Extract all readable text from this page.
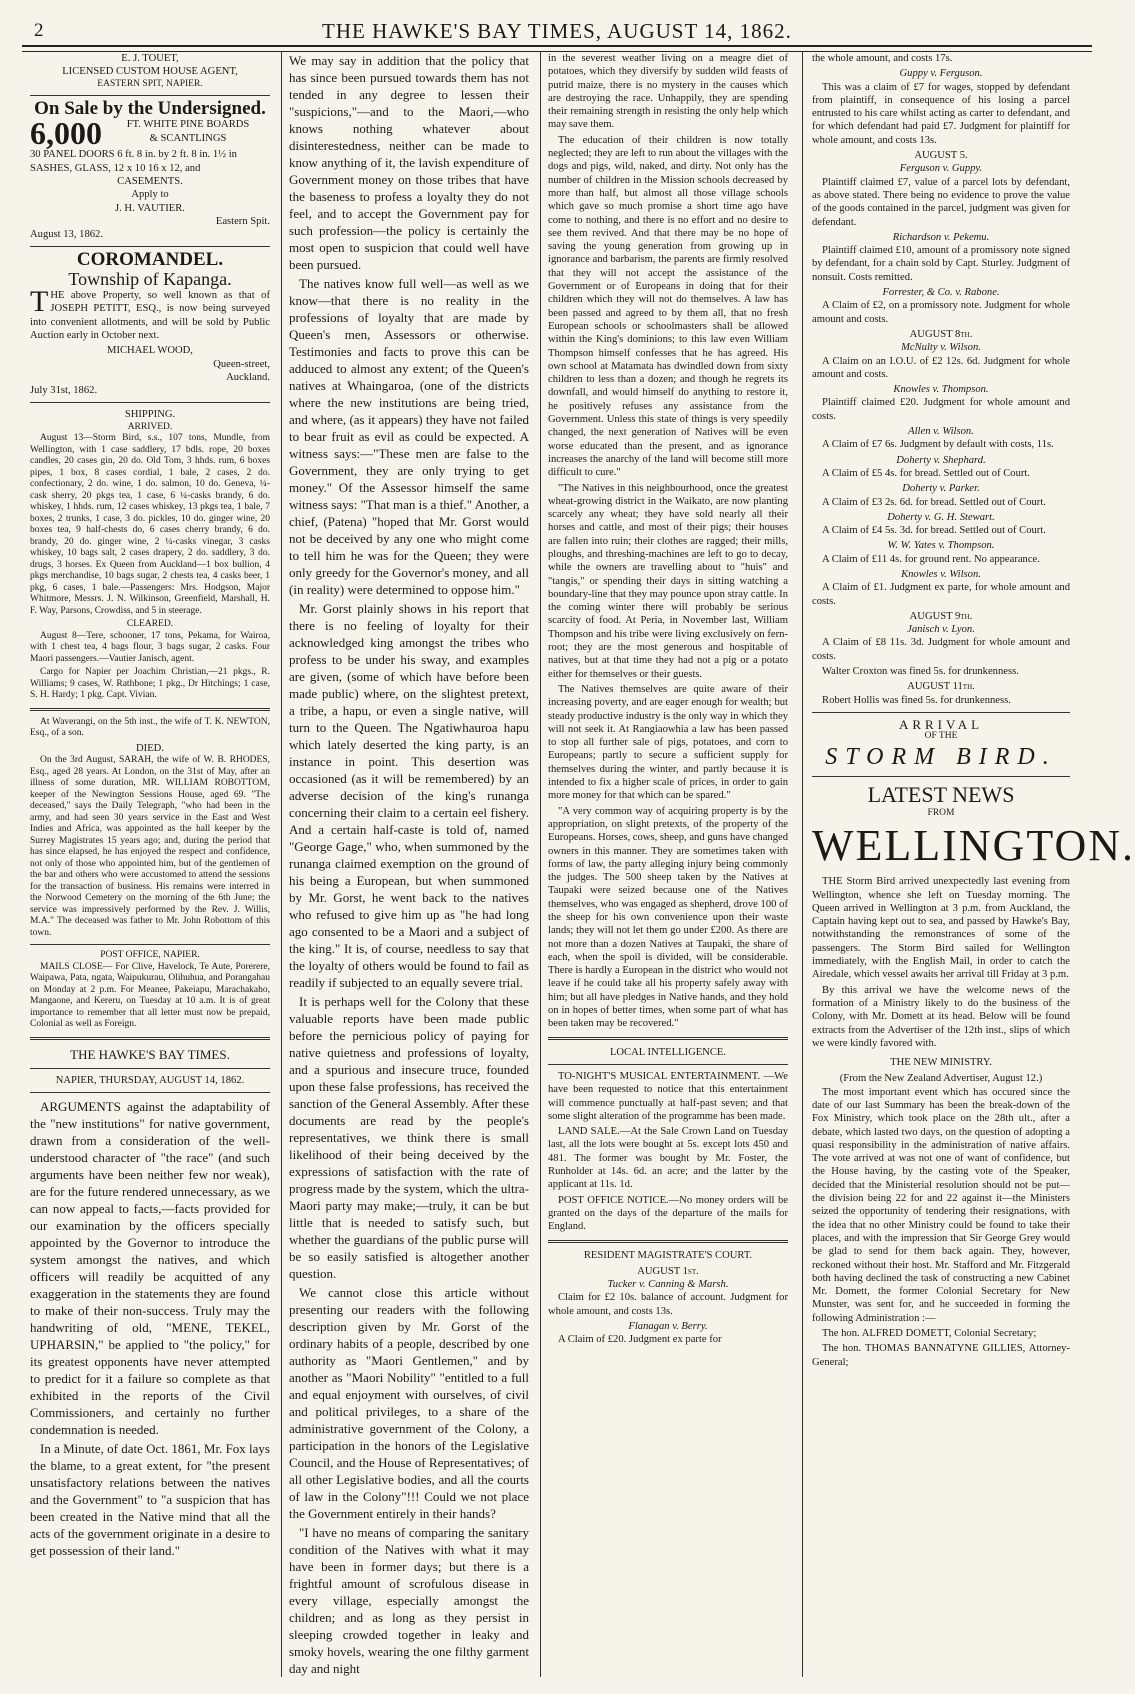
2	THE HAWKE'S BAY TIMES, AUGUST 14, 1862.
E. J. TOUET,
LICENSED CUSTOM HOUSE AGENT,
EASTERN SPIT, NAPIER.
On Sale by the Undersigned.
6,000	FT. WHITE PINE BOARDS
& SCANTLINGS
30 PANEL DOORS 6 ft. 8 in. by 2 ft. 8 in. 1½ in
SASHES, GLASS, 12 x 10 16 x 12, and
CASEMENTS.
Apply to
J. H. VAUTIER.
Eastern Spit.
August 13, 1862.
COROMANDEL.
Township of Kapanga.

THE above Property, so well known as that of JOSEPH PETITT, ESQ., is now being surveyed into convenient allotments, and will be sold by Public Auction early in October next.

MICHAEL WOOD,
Queen-street,
Auckland.
July 31st, 1862.
SHIPPING.
ARRIVED.

August 13—Storm Bird, s.s., 107 tons, Mundle, from Wellington, with 1 case saddlery, 17 bdls. rope, 20 boxes candles, 20 cases gin, 20 do. Old Tom, 3 hhds. rum, 6 boxes pipes, 1 box, 8 cases cordial, 1 bale, 2 cases, 2 do. confectionary, 2 do. wine, 1 do. salmon, 10 do. Geneva, ¼-cask sherry, 20 pkgs tea, 1 case, 6 ¼-casks brandy, 6 do. whiskey, 1 hhds. rum, 12 cases whiskey, 13 pkgs tea, 1 bale, 7 boxes, 2 trunks, 1 case, 3 do. pickles, 10 do. ginger wine, 20 boxes tea, 9 half-chests do, 6 cases cherry brandy, 6 do. brandy, 20 do. ginger wine, 2 ¼-casks vinegar, 3 casks whiskey, 10 bags salt, 2 cases drapery, 2 do. saddlery, 3 do. drugs, 3 horses. Ex Queen from Auckland—1 box bullion, 4 pkgs merchandise, 10 bags sugar, 2 chests tea, 4 casks beer, 1 pkg, 6 cases, 1 bale.—Passengers: Mrs. Hodgson, Major Whitmore, Messrs. J. N. Wilkinson, Greenfield, Marshall, H. F. Way, Parsons, Crowdiss, and 5 in steerage.

CLEARED.

August 8—Tere, schooner, 17 tons, Pekama, for Wairoa, with 1 chest tea, 4 bags flour, 3 bags sugar, 2 casks. Four Maori passengers.—Vautier Janisch, agent.

Cargo for Napier per Joachim Christian,—21 pkgs., R. Williams; 9 cases, W. Rathbone; 1 pkg., Dr Hitchings; 1 case, S. H. Hardy; 1 pkg. Capt. Vivian.

At Waverangi, on the 5th inst., the wife of T. K. NEWTON, Esq., of a son.

DIED.

On the 3rd August, SARAH, the wife of W. B. RHODES, Esq., aged 28 years. At London, on the 31st of May, after an illness of some duration, MR. WILLIAM ROBOTTOM, keeper of the Newington Sessions House, aged 69. "The deceased," says the Daily Telegraph, "who had been in the army, and had seen 30 years service in the East and West Indies and Africa, was appointed as the hall keeper by the Surrey Magistrates 15 years ago; and, during the period that has since elapsed, he has enjoyed the respect and confidence, not only of those who appointed him, but of the gentlemen of the bar and others who were accustomed to attend the sessions for the transaction of business. His remains were interred in the Norwood Cemetery on the morning of the 6th June; the service was impressively performed by the Rev. J. Willis, M.A." The deceased was father to Mr. John Robottom of this town.

POST OFFICE, NAPIER.

MAILS CLOSE— For Clive, Havelock, Te Aute, Porerere, Waipawa, Pata, ngata, Waipukurau, Olihuhua, and Porangahau on Monday at 2 p.m. For Meanee, Pakeiapu, Marachakaho, Mangaone, and Kereru, on Tuesday at 10 a.m. It is of great importance to remember that all letter must now be prepaid, Colonial as well as Foreign.

THE HAWKE'S BAY TIMES.
NAPIER, THURSDAY, AUGUST 14, 1862.

ARGUMENTS against the adaptability of the "new institutions" for native government, drawn from a consideration of the well-understood character of "the race" (and such arguments have been neither few nor weak), are for the future rendered unnecessary, as we can now appeal to facts,—facts provided for our examination by the officers specially appointed by the Governor to introduce the system amongst the natives, and which officers will readily be acquitted of any exaggeration in the statements they are found to make of their non-success. Truly may the handwriting of old, "MENE, TEKEL, UPHARSIN," be applied to "the policy," for its greatest opponents have never attempted to predict for it a failure so complete as that exhibited in the reports of the Civil Commissioners, and certainly no further condemnation is needed.

In a Minute, of date Oct. 1861, Mr. Fox lays the blame, to a great extent, for "the present unsatisfactory relations between the natives and the Government" to "a suspicion that has been created in the Native mind that all the acts of the government originate in a desire to get possession of their land."

We may say in addition that the policy that has since been pursued towards them has not tended in any degree to lessen their "suspicions,"—and to the Maori,—who knows nothing whatever about disinterestedness, neither can be made to know anything of it, the lavish expenditure of Government money on those tribes that have the baseness to profess a loyalty they do not feel, and to accept the Government pay for such profession—the policy is certainly the most open to suspicion that could well have been pursued.

The natives know full well—as well as we know—that there is no reality in the professions of loyalty that are made by Queen's men, Assessors or otherwise. Testimonies and facts to prove this can be adduced to almost any extent; of the Queen's natives at Whaingaroa, (one of the districts where the new institutions are being tried, and where, (as it appears) they have not failed to bear fruit as evil as could be expected. A witness says:—"These men are false to the Government, they are only trying to get money." Of the Assessor himself the same witness says: "That man is a thief." Another, a chief, (Patena) "hoped that Mr. Gorst would not be deceived by any one who might come to tell him he was for the Queen; they were only greedy for the Governor's money, and all (in reality) were determined to oppose him."

Mr. Gorst plainly shows in his report that there is no feeling of loyalty for their acknowledged king amongst the tribes who profess to be under his sway, and examples are given, (some of which have before been made public) where, on the slightest pretext, a tribe, a hapu, or even a single native, will turn to the Queen. The Ngatiwhauroa hapu which lately deserted the king party, is an instance in point. This desertion was occasioned (as it will be remembered) by an adverse decision of the king's runanga concerning their claim to a certain eel fishery. And a certain half-caste is told of, named "George Gage," who, when summoned by the runanga claimed exemption on the ground of his being a European, but when summoned by Mr. Gorst, he went back to the natives who refused to give him up as "he had long ago consented to be a Maori and a subject of the king." It is, of course, needless to say that the loyalty of others would be found to fail as readily if subjected to an equally severe trial.

It is perhaps well for the Colony that these valuable reports have been made public before the pernicious policy of paying for native quietness and professions of loyalty, and a spurious and insecure truce, founded upon these false professions, has received the sanction of the General Assembly. After these documents are read by the people's representatives, we think there is small likelihood of their being deceived by the expressions of satisfaction with the rate of progress made by the system, which the ultra-Maori party may make;—truly, it can be but little that is needed to satisfy such, but whether the guardians of the public purse will be so easily satisfied is altogether another question.

We cannot close this article without presenting our readers with the following description given by Mr. Gorst of the ordinary habits of a people, described by one authority as "Maori Gentlemen," and by another as "Maori Nobility" "entitled to a full and equal enjoyment with ourselves, of civil and political privileges, to a share of the administrative government of the Colony, a participation in the honors of the Legislative Council, and the House of Representatives; of all other Legislative bodies, and all the courts of law in the Colony"!!! Could we not place the Government entirely in their hands?

"I have no means of comparing the sanitary condition of the Natives with what it may have been in former days; but there is a frightful amount of scrofulous disease in every village, especially amongst the children; and as long as they persist in sleeping crowded together in leaky and smoky hovels, wearing the one filthy garment day and night

in the severest weather living on a meagre diet of potatoes, which they diversify by sudden wild feasts of putrid maize, there is no mystery in the causes which are destroying the race. Unhappily, they are spending their remaining strength in resisting the only help which may save them.

The education of their children is now totally neglected; they are left to run about the villages with the dogs and pigs, wild, naked, and dirty. Not only has the number of children in the Mission schools decreased by more than half, but almost all those village schools which gave so much promise a short time ago have come to nothing, and there is no effort and no desire to see them revived. And that there may be no hope of saving the young generation from growing up in ignorance and barbarism, the parents are firmly resolved that they will not accept the assistance of the Government or of Europeans in doing that for their children which they will not do themselves. A law has been passed and agreed to by them all, that no fresh European schools or schoolmasters shall be allowed within the King's dominions; to this law even William Thompson himself confesses that he has agreed. His own school at Matamata has dwindled down from sixty children to less than a dozen; and though he regrets its downfall, and would himself do anything to restore it, he positively refuses any assistance from the Government. Unless this state of things is very speedily changed, the next generation of Natives will be even worse educated than the present, and as ignorance increases the anarchy of the land will become still more difficult to cure."

"The Natives in this neighbourhood, once the greatest wheat-growing district in the Waikato, are now planting scarcely any wheat; they have sold nearly all their horses and cattle, and most of their pigs; their houses are fallen into ruin; their clothes are ragged; their mills, ploughs, and threshing-machines are left to go to decay, while the owners are travelling about to "huis" and "tangis," or spending their days in sitting watching a boundary-line that they may pounce upon stray cattle. In the coming winter there will probably be serious scarcity of food. At Peria, in November last, William Thompson and his tribe were living exclusively on fern-root; they are the most generous and hospitable of natives, but at that time they had not a pig or a potato either for themselves or their guests.

The Natives themselves are quite aware of their increasing poverty, and are eager enough for wealth; but steady productive industry is the only way in which they will not seek it. At Rangiaowhia a law has been passed to stop all further sale of pigs, potatoes, and corn to Europeans; partly to secure a sufficient supply for themselves during the winter, and partly because it is intended to fix a higher scale of prices, in order to gain more money for that which can be spared."

"A very common way of acquiring property is by the appropriation, on slight pretexts, of the property of the Europeans. Horses, cows, sheep, and guns have changed owners in this manner. They are sometimes taken with forms of law, the party alleging injury being commonly the judges. The 500 sheep taken by the Natives at Taupaki were seized because one of the Natives themselves, who was engaged as shepherd, drove 100 of the sheep for his own convenience upon their waste lands; they will not let them go under £200. As there are not more than a dozen Natives at Taupaki, the share of each, when the spoil is divided, will be considerable. There is hardly a European in the district who would not leave if he could take all his property safely away with him; but all have pledges in Native hands, and they hold on in hopes of better times, when some part of what has been taken may be recovered."

LOCAL INTELLIGENCE.

TO-NIGHT'S MUSICAL ENTERTAINMENT. —We have been requested to notice that this entertainment will commence punctually at half-past seven; and that some slight alteration of the programme has been made.

LAND SALE.—At the Sale Crown Land on Tuesday last, all the lots were bought at 5s. except lots 450 and 481. The former was bought by Mr. Foster, the Runholder at 14s. 6d. an acre; and the latter by the applicant at 11s. 1d.

POST OFFICE NOTICE.—No money orders will be granted on the days of the departure of the mails for England.

RESIDENT MAGISTRATE'S COURT.
AUGUST 1st.
Tucker v. Canning & Marsh.

Claim for £2 10s. balance of account. Judgment for whole amount, and costs 13s.

Flanagan v. Berry.

A Claim of £20. Judgment ex parte for

the whole amount, and costs 17s.

Guppy v. Ferguson.

This was a claim of £7 for wages, stopped by defendant from plaintiff, in consequence of his losing a parcel entrusted to his care whilst acting as carter to defendant, and for which defendant had paid £7. Judgment for plaintiff for whole amount, and costs 13s.

AUGUST 5.
Ferguson v. Guppy.

Plaintiff claimed £7, value of a parcel lots by defendant, as above stated. There being no evidence to prove the value of the goods contained in the parcel, judgment was given for defendant.

Richardson v. Pekemu.

Plaintiff claimed £10, amount of a promissory note signed by defendant, for a chain sold by Capt. Sturley. Judgment of nonsuit. Costs remitted.

Forrester, & Co. v. Rabone.

A Claim of £2, on a promissory note. Judgment for whole amount and costs.

AUGUST 8th.
McNulty v. Wilson.

A Claim on an I.O.U. of £2 12s. 6d. Judgment for whole amount and costs.

Knowles v. Thompson.

Plaintiff claimed £20. Judgment for whole amount and costs.

Allen v. Wilson.

A Claim of £7 6s. Judgment by default with costs, 11s.

Doherty v. Shephard.

A Claim of £5 4s. for bread. Settled out of Court.

Doherty v. Parker.

A Claim of £3 2s. 6d. for bread. Settled out of Court.

Doherty v. G. H. Stewart.

A Claim of £4 5s. 3d. for bread. Settled out of Court.

W. W. Yates v. Thompson.

A Claim of £11 4s. for ground rent. No appearance.

Knowles v. Wilson.

A Claim of £1. Judgment ex parte, for whole amount and costs.

AUGUST 9th.
Janisch v. Lyon.

A Claim of £8 11s. 3d. Judgment for whole amount and costs.

Walter Croxton was fined 5s. for drunkenness.

AUGUST 11th.

Robert Hollis was fined 5s. for drunkenness.

ARRIVAL
OF THE
STORM BIRD.
LATEST NEWS
FROM
WELLINGTON.

THE Storm Bird arrived unexpectedly last evening from Wellington, whence she left on Tuesday morning. The Queen arrived in Wellington at 3 p.m. from Auckland, the Captain having kept out to sea, and passed by Hawke's Bay, notwithstanding the remonstrances of some of the passengers. The Storm Bird sailed for Wellington immediately, with the English Mail, in order to catch the Airedale, which vessel awaits her arrival till Friday at 3 p.m.

By this arrival we have the welcome news of the formation of a Ministry likely to do the business of the Colony, with Mr. Domett at its head. Below will be found extracts from the Advertiser of the 12th inst., slips of which we were kindly favored with.

THE NEW MINISTRY.
(From the New Zealand Advertiser, August 12.)

The most important event which has occured since the date of our last Summary has been the break-down of the Fox Ministry, which took place on the 28th ult., after a debate, which lasted two days, on the question of adopting a quasi responsibility in the administration of native affairs. The vote arrived at was not one of want of confidence, but the House having, by the casting vote of the Speaker, decided that the Ministerial resolution should not be put—the division being 22 for and 22 against it—the Ministers seized the opportunity of tendering their resignations, with the idea that no other Ministry could be found to take their places, and with the impression that Sir George Grey would be glad to send for them back again. They, however, reckoned without their host. Mr. Stafford and Mr. Fitzgerald both having declined the task of constructing a new Cabinet Mr. Domett, the former Colonial Secretary for New Munster, was sent for, and he succeeded in forming the following Administration :—

The hon. ALFRED DOMETT, Colonial Secretary;

The hon. THOMAS BANNATYNE GILLIES, Attorney-General;
